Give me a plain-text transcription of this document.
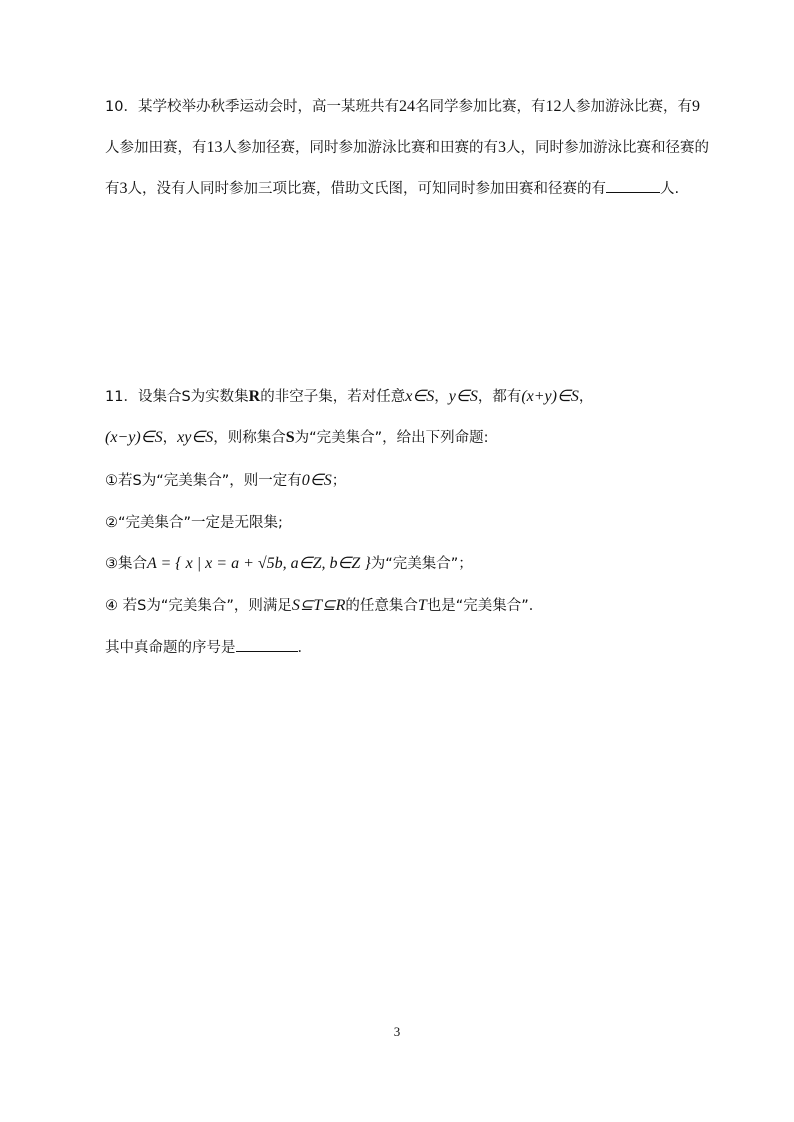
10．某学校举办秋季运动会时，高一某班共有24名同学参加比赛，有12人参加游泳比赛，有9
人参加田赛，有13人参加径赛，同时参加游泳比赛和田赛的有3人，同时参加游泳比赛和径赛的
有3人，没有人同时参加三项比赛，借助文氏图，可知同时参加田赛和径赛的有	人.
11．设集合S为实数集R的非空子集，若对任意x∈S，y∈S，都有(x+y)∈S，
(x−y)∈S，xy∈S，则称集合S为“完美集合”，给出下列命题:
①若S为“完美集合”，则一定有0∈S；
②“完美集合”一定是无限集;
③集合A = { x | x = a + √5b, a∈Z, b∈Z }为“完美集合”；
④ 若S为“完美集合”，则满足S⊆T⊆R的任意集合T也是“完美集合”．
其中真命题的序号是	．
3
